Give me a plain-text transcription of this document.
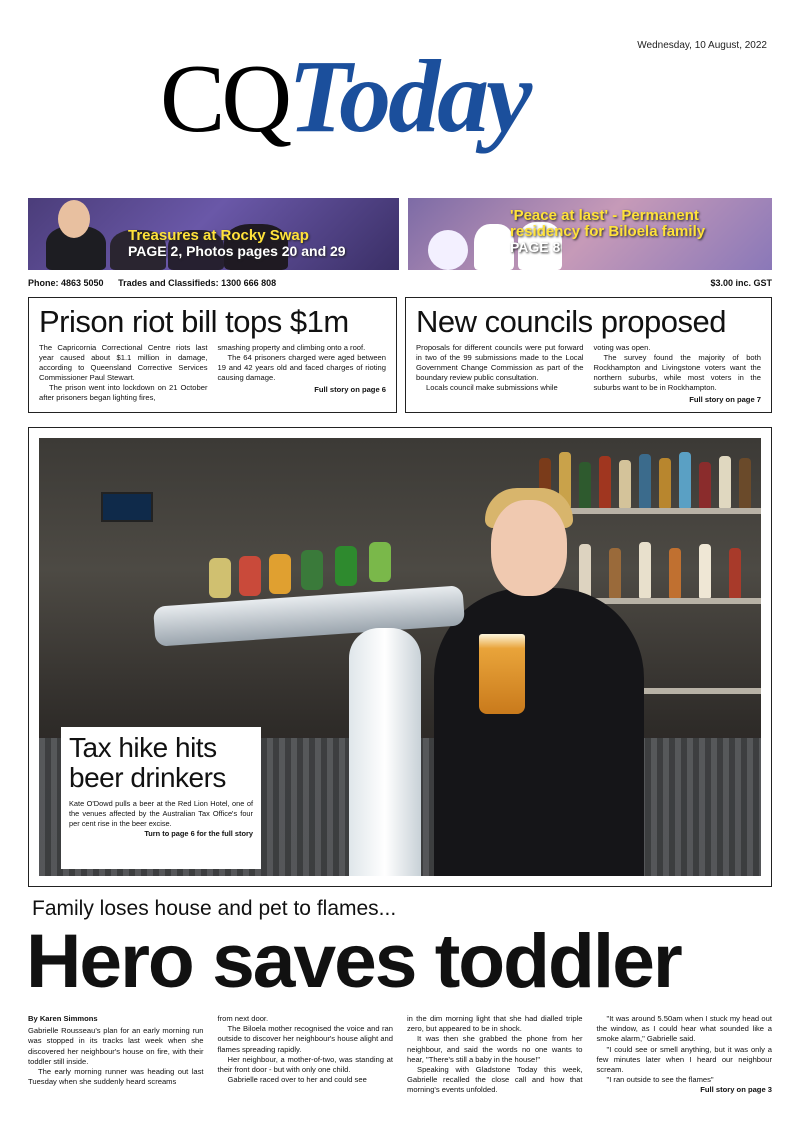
Wednesday, 10 August, 2022
CQToday
Treasures at Rocky Swap
PAGE 2, Photos pages 20 and 29
'Peace at last' - Permanent residency for Biloela family
PAGE 8
Phone: 4863 5050 Trades and Classifieds: 1300 666 808	$3.00 inc. GST
Prison riot bill tops $1m

The Capricornia Correctional Centre riots last year caused about $1.1 million in damage, according to Queensland Corrective Services Commissioner Paul Stewart.

The prison went into lockdown on 21 October after prisoners began lighting fires,

smashing property and climbing onto a roof.

The 64 prisoners charged were aged between 19 and 42 years old and faced charges of rioting causing damage.

Full story on page 6
New councils proposed

Proposals for different councils were put forward in two of the 99 submissions made to the Local Government Change Commission as part of the boundary review public consultation.

Locals council make submissions while

voting was open.

The survey found the majority of both Rockhampton and Livingstone voters want the northern suburbs, while most voters in the suburbs want to be in Rockhampton.

Full story on page 7
Tax hike hits
beer drinkers

Kate O'Dowd pulls a beer at the Red Lion Hotel, one of the venues affected by the Australian Tax Office's four per cent rise in the beer excise.

Turn to page 6 for the full story
Family loses house and pet to flames...
Hero saves toddler
By Karen Simmons

Gabrielle Rousseau's plan for an early morning run was stopped in its tracks last week when she discovered her neighbour's house on fire, with their toddler still inside.

The early morning runner was heading out last Tuesday when she suddenly heard screams

from next door.

The Biloela mother recognised the voice and ran outside to discover her neighbour's house alight and flames spreading rapidly.

Her neighbour, a mother-of-two, was standing at their front door - but with only one child.

Gabrielle raced over to her and could see

in the dim morning light that she had dialled triple zero, but appeared to be in shock.

It was then she grabbed the phone from her neighbour, and said the words no one wants to hear, "There's still a baby in the house!"

Speaking with Gladstone Today this week, Gabrielle recalled the close call and how that morning's events unfolded.

"It was around 5.50am when I stuck my head out the window, as I could hear what sounded like a smoke alarm," Gabrielle said.

"I could see or smell anything, but it was only a few minutes later when I heard our neighbour scream.

"I ran outside to see the flames"

Full story on page 3
